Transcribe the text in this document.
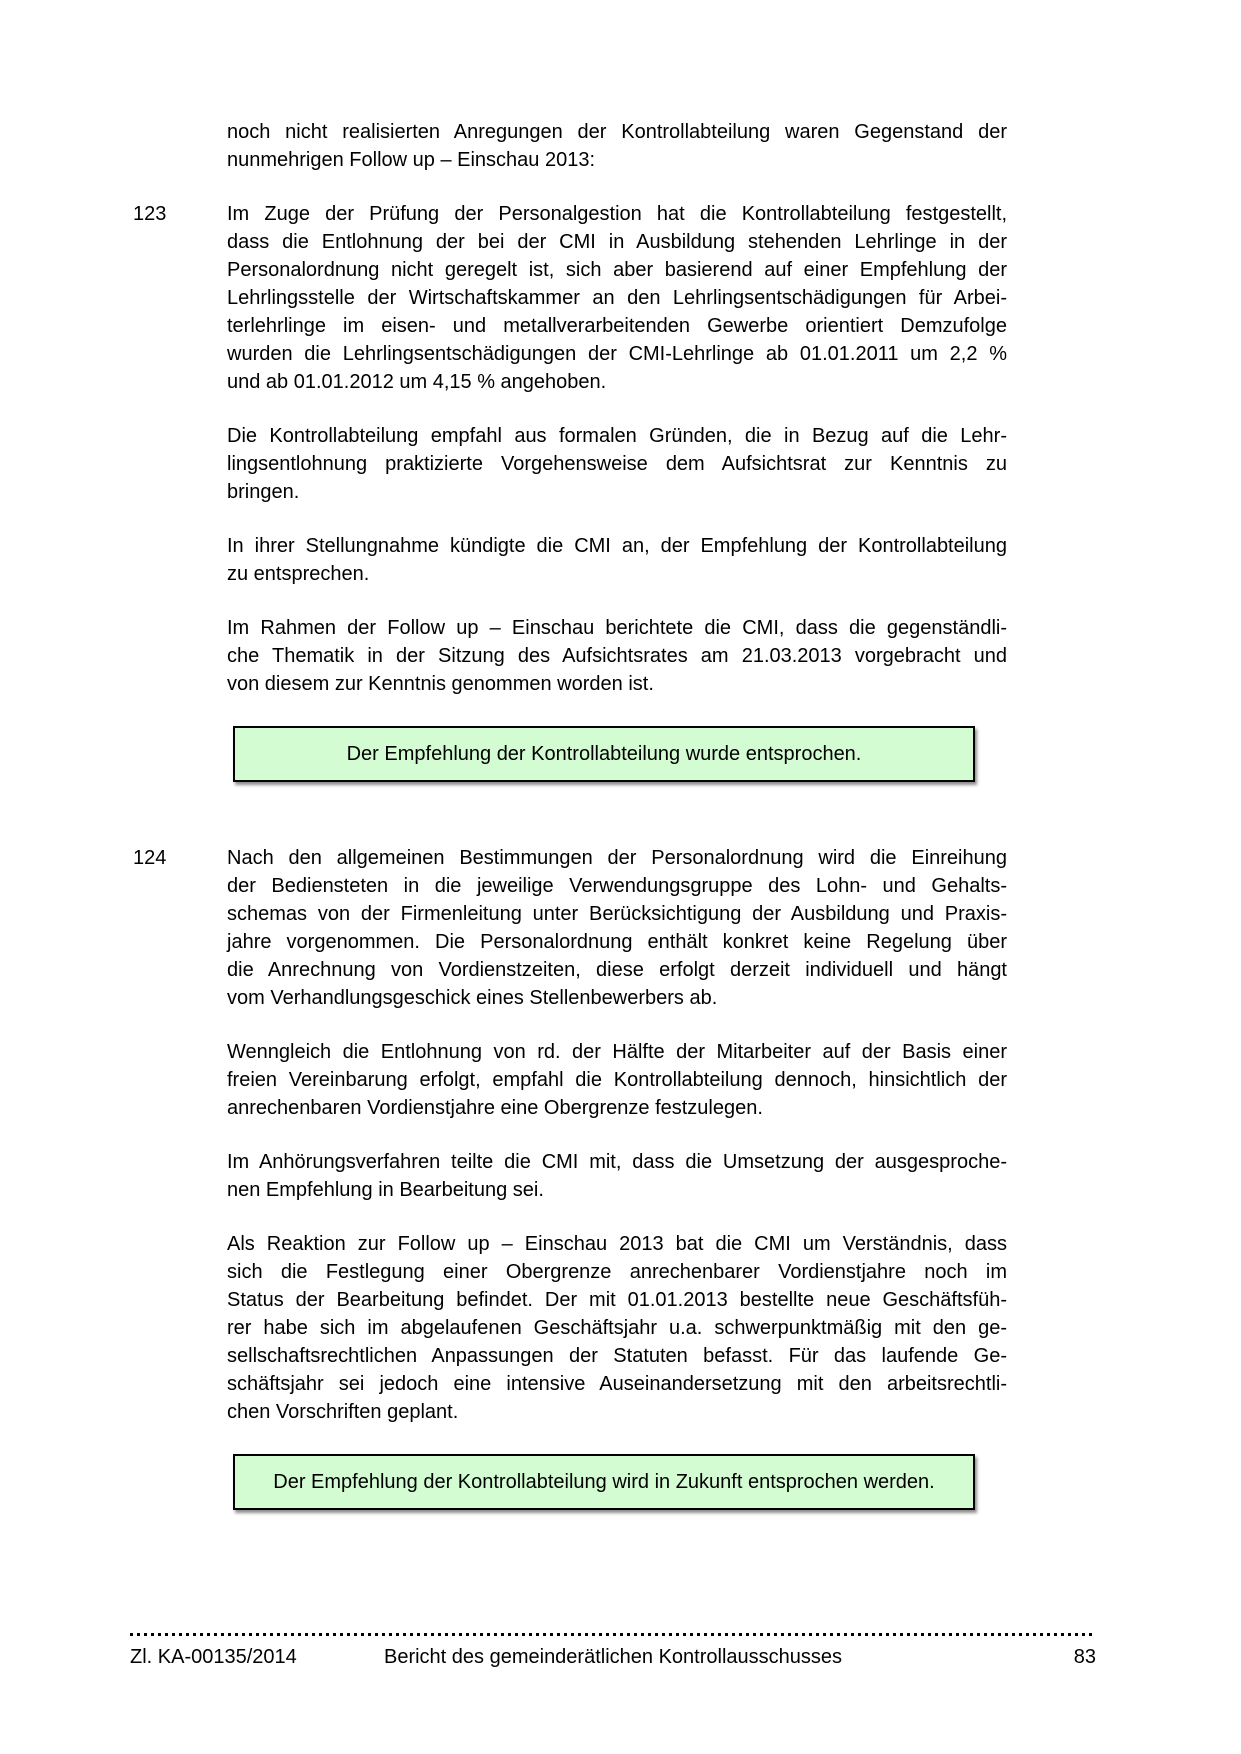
noch nicht realisierten Anregungen der Kontrollabteilung waren Gegenstand der
nunmehrigen Follow up – Einschau 2013:
123	Im Zuge der Prüfung der Personalgestion hat die Kontrollabteilung festgestellt,
dass die Entlohnung der bei der CMI in Ausbildung stehenden Lehrlinge in der
Personalordnung nicht geregelt ist, sich aber basierend auf einer Empfehlung der
Lehrlingsstelle der Wirtschaftskammer an den Lehrlingsentschädigungen für Arbei-
terlehrlinge im eisen- und metallverarbeitenden Gewerbe orientiert Demzufolge
wurden die Lehrlingsentschädigungen der CMI-Lehrlinge ab 01.01.2011 um 2,2 %
und ab 01.01.2012 um 4,15 % angehoben.
Die Kontrollabteilung empfahl aus formalen Gründen, die in Bezug auf die Lehr-
lingsentlohnung praktizierte Vorgehensweise dem Aufsichtsrat zur Kenntnis zu
bringen.
In ihrer Stellungnahme kündigte die CMI an, der Empfehlung der Kontrollabteilung
zu entsprechen.
Im Rahmen der Follow up – Einschau berichtete die CMI, dass die gegenständli-
che Thematik in der Sitzung des Aufsichtsrates am 21.03.2013 vorgebracht und
von diesem zur Kenntnis genommen worden ist.
Der Empfehlung der Kontrollabteilung wurde entsprochen.
124	Nach den allgemeinen Bestimmungen der Personalordnung wird die Einreihung
der Bediensteten in die jeweilige Verwendungsgruppe des Lohn- und Gehalts-
schemas von der Firmenleitung unter Berücksichtigung der Ausbildung und Praxis-
jahre vorgenommen. Die Personalordnung enthält konkret keine Regelung über
die Anrechnung von Vordienstzeiten, diese erfolgt derzeit individuell und hängt
vom Verhandlungsgeschick eines Stellenbewerbers ab.
Wenngleich die Entlohnung von rd. der Hälfte der Mitarbeiter auf der Basis einer
freien Vereinbarung erfolgt, empfahl die Kontrollabteilung dennoch, hinsichtlich der
anrechenbaren Vordienstjahre eine Obergrenze festzulegen.
Im Anhörungsverfahren teilte die CMI mit, dass die Umsetzung der ausgesproche-
nen Empfehlung in Bearbeitung sei.
Als Reaktion zur Follow up – Einschau 2013 bat die CMI um Verständnis, dass
sich die Festlegung einer Obergrenze anrechenbarer Vordienstjahre noch im
Status der Bearbeitung befindet. Der mit 01.01.2013 bestellte neue Geschäftsfüh-
rer habe sich im abgelaufenen Geschäftsjahr u.a. schwerpunktmäßig mit den ge-
sellschaftsrechtlichen Anpassungen der Statuten befasst. Für das laufende Ge-
schäftsjahr sei jedoch eine intensive Auseinandersetzung mit den arbeitsrechtli-
chen Vorschriften geplant.
Der Empfehlung der Kontrollabteilung wird in Zukunft entsprochen werden.
Zl. KA-00135/2014	Bericht des gemeinderätlichen Kontrollausschusses	83
